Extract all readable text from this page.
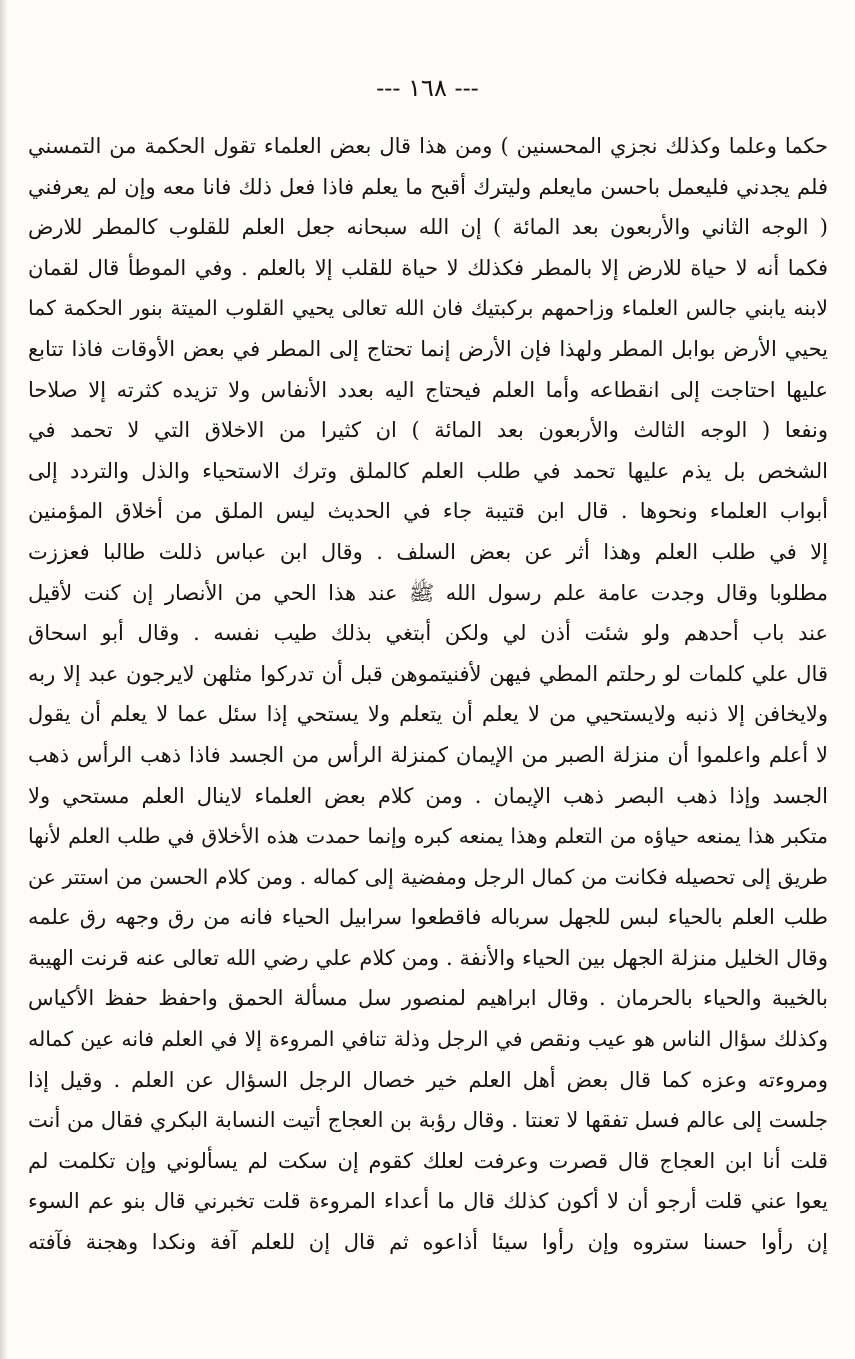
--- ١٦٨ ---
حكما وعلما وكذلك نجزي المحسنين ) ومن هذا قال بعض العلماء تقول الحكمة من التمسني
فلم يجدني فليعمل باحسن مايعلم وليترك أقبح ما يعلم فاذا فعل ذلك فانا معه وإن لم يعرفني
( الوجه الثاني والأربعون بعد المائة ) إن الله سبحانه جعل العلم للقلوب كالمطر للارض
فكما أنه لا حياة للارض إلا بالمطر فكذلك لا حياة للقلب إلا بالعلم . وفي الموطأ قال لقمان
لابنه يابني جالس العلماء وزاحمهم بركبتيك فان الله تعالى يحيي القلوب الميتة بنور الحكمة كما
يحيي الأرض بوابل المطر ولهذا فإن الأرض إنما تحتاج إلى المطر في بعض الأوقات فاذا تتابع
عليها احتاجت إلى انقطاعه وأما العلم فيحتاج اليه بعدد الأنفاس ولا تزيده كثرته إلا صلاحا
ونفعا ( الوجه الثالث والأربعون بعد المائة ) ان كثيرا من الاخلاق التي لا تحمد في
الشخص بل يذم عليها تحمد في طلب العلم كالملق وترك الاستحياء والذل والتردد إلى
أبواب العلماء ونحوها . قال ابن قتيبة جاء في الحديث ليس الملق من أخلاق المؤمنين
إلا في طلب العلم وهذا أثر عن بعض السلف . وقال ابن عباس ذللت طالبا فعززت
مطلوبا وقال وجدت عامة علم رسول الله ﷺ عند هذا الحي من الأنصار إن كنت لأقيل
عند باب أحدهم ولو شئت أذن لي ولكن أبتغي بذلك طيب نفسه . وقال أبو اسحاق
قال علي كلمات لو رحلتم المطي فيهن لأفنيتموهن قبل أن تدركوا مثلهن لايرجون عبد إلا ربه
ولايخافن إلا ذنبه ولايستحيي من لا يعلم أن يتعلم ولا يستحي إذا سئل عما لا يعلم أن يقول
لا أعلم واعلموا أن منزلة الصبر من الإيمان كمنزلة الرأس من الجسد فاذا ذهب الرأس ذهب
الجسد وإذا ذهب البصر ذهب الإيمان . ومن كلام بعض العلماء لاينال العلم مستحي ولا
متكبر هذا يمنعه حياؤه من التعلم وهذا يمنعه كبره وإنما حمدت هذه الأخلاق في طلب العلم لأنها
طريق إلى تحصيله فكانت من كمال الرجل ومفضية إلى كماله . ومن كلام الحسن من استتر عن
طلب العلم بالحياء لبس للجهل سرباله فاقطعوا سرابيل الحياء فانه من رق وجهه رق علمه
وقال الخليل منزلة الجهل بين الحياء والأنفة . ومن كلام علي رضي الله تعالى عنه قرنت الهيبة
بالخيبة والحياء بالحرمان . وقال ابراهيم لمنصور سل مسألة الحمق واحفظ حفظ الأكياس
وكذلك سؤال الناس هو عيب ونقص في الرجل وذلة تنافي المروءة إلا في العلم فانه عين كماله
ومروءته وعزه كما قال بعض أهل العلم خير خصال الرجل السؤال عن العلم . وقيل إذا
جلست إلى عالم فسل تفقها لا تعنتا . وقال رؤبة بن العجاج أتيت النسابة البكري فقال من أنت
قلت أنا ابن العجاج قال قصرت وعرفت لعلك كقوم إن سكت لم يسألوني وإن تكلمت لم
يعوا عني قلت أرجو أن لا أكون كذلك قال ما أعداء المروءة قلت تخبرني قال بنو عم السوء
إن رأوا حسنا ستروه وإن رأوا سيئا أذاعوه ثم قال إن للعلم آفة ونكدا وهجنة فآفته
